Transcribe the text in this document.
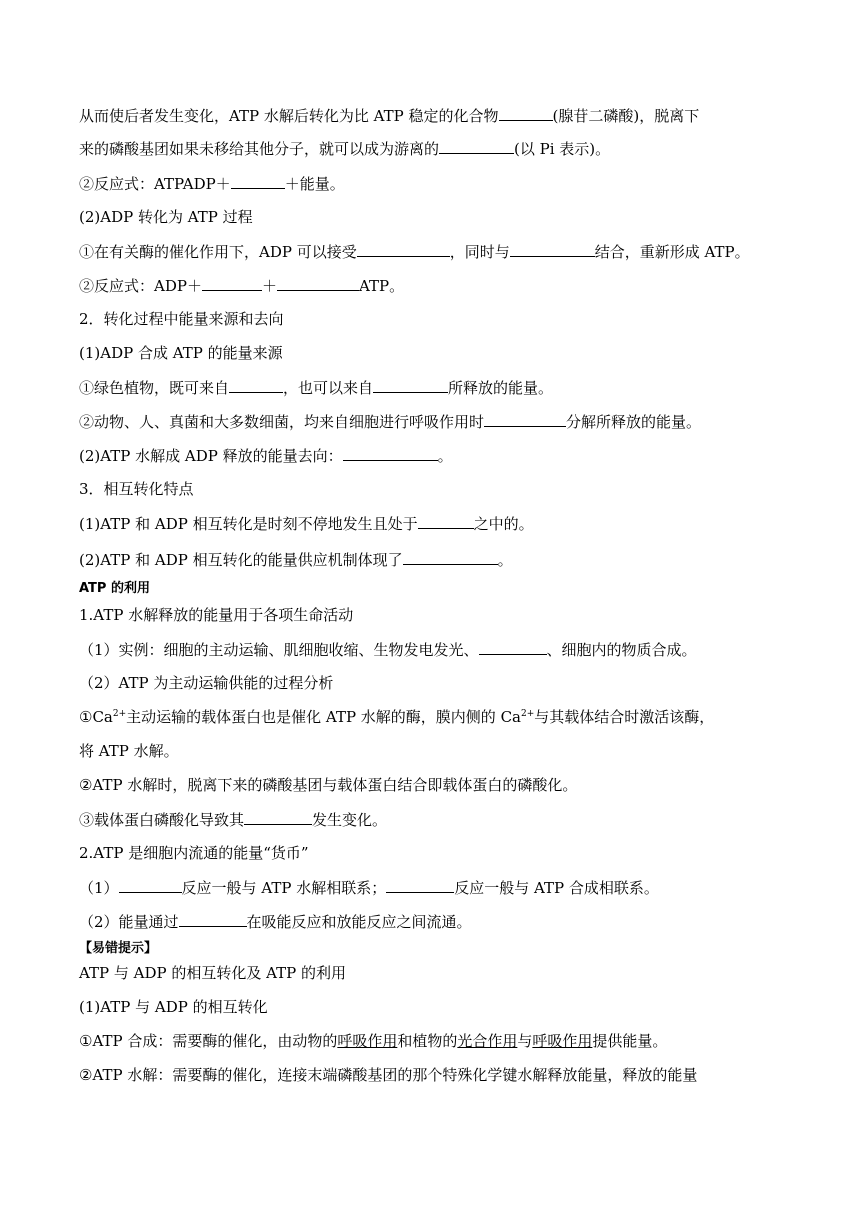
从而使后者发生变化，ATP 水解后转化为比 ATP 稳定的化合物	(腺苷二磷酸)，脱离下
来的磷酸基团如果未移给其他分子，就可以成为游离的	(以 Pi 表示)。
②反应式：ATPADP＋	＋能量。
(2)ADP 转化为 ATP 过程
①在有关酶的催化作用下，ADP 可以接受	，同时与	结合，重新形成 ATP。
②反应式：ADP＋	＋	ATP。
2．转化过程中能量来源和去向
(1)ADP 合成 ATP 的能量来源
①绿色植物，既可来自	，也可以来自	所释放的能量。
②动物、人、真菌和大多数细菌，均来自细胞进行呼吸作用时	分解所释放的能量。
(2)ATP 水解成 ADP 释放的能量去向：	。
3．相互转化特点
(1)ATP 和 ADP 相互转化是时刻不停地发生且处于	之中的。
(2)ATP 和 ADP 相互转化的能量供应机制体现了	。
ATP 的利用
1.ATP 水解释放的能量用于各项生命活动
（1）实例：细胞的主动运输、肌细胞收缩、生物发电发光、	、细胞内的物质合成。
（2）ATP 为主动运输供能的过程分析
$①Ca^{2+}$主动运输的载体蛋白也是催化 ATP 水解的酶，膜内侧的 $Ca^{2+}$与其载体结合时激活该酶，
将 ATP 水解。
②ATP 水解时，脱离下来的磷酸基团与载体蛋白结合即载体蛋白的磷酸化。
③载体蛋白磷酸化导致其	发生变化。
2.ATP 是细胞内流通的能量“货币”
（1）	反应一般与 ATP 水解相联系；	反应一般与 ATP 合成相联系。
（2）能量通过	在吸能反应和放能反应之间流通。
【易错提示】
ATP 与 ADP 的相互转化及 ATP 的利用
(1)ATP 与 ADP 的相互转化
①ATP 合成：需要酶的催化，由动物的呼吸作用和植物的光合作用与呼吸作用提供能量。
②ATP 水解：需要酶的催化，连接末端磷酸基团的那个特殊化学键水解释放能量，释放的能量
